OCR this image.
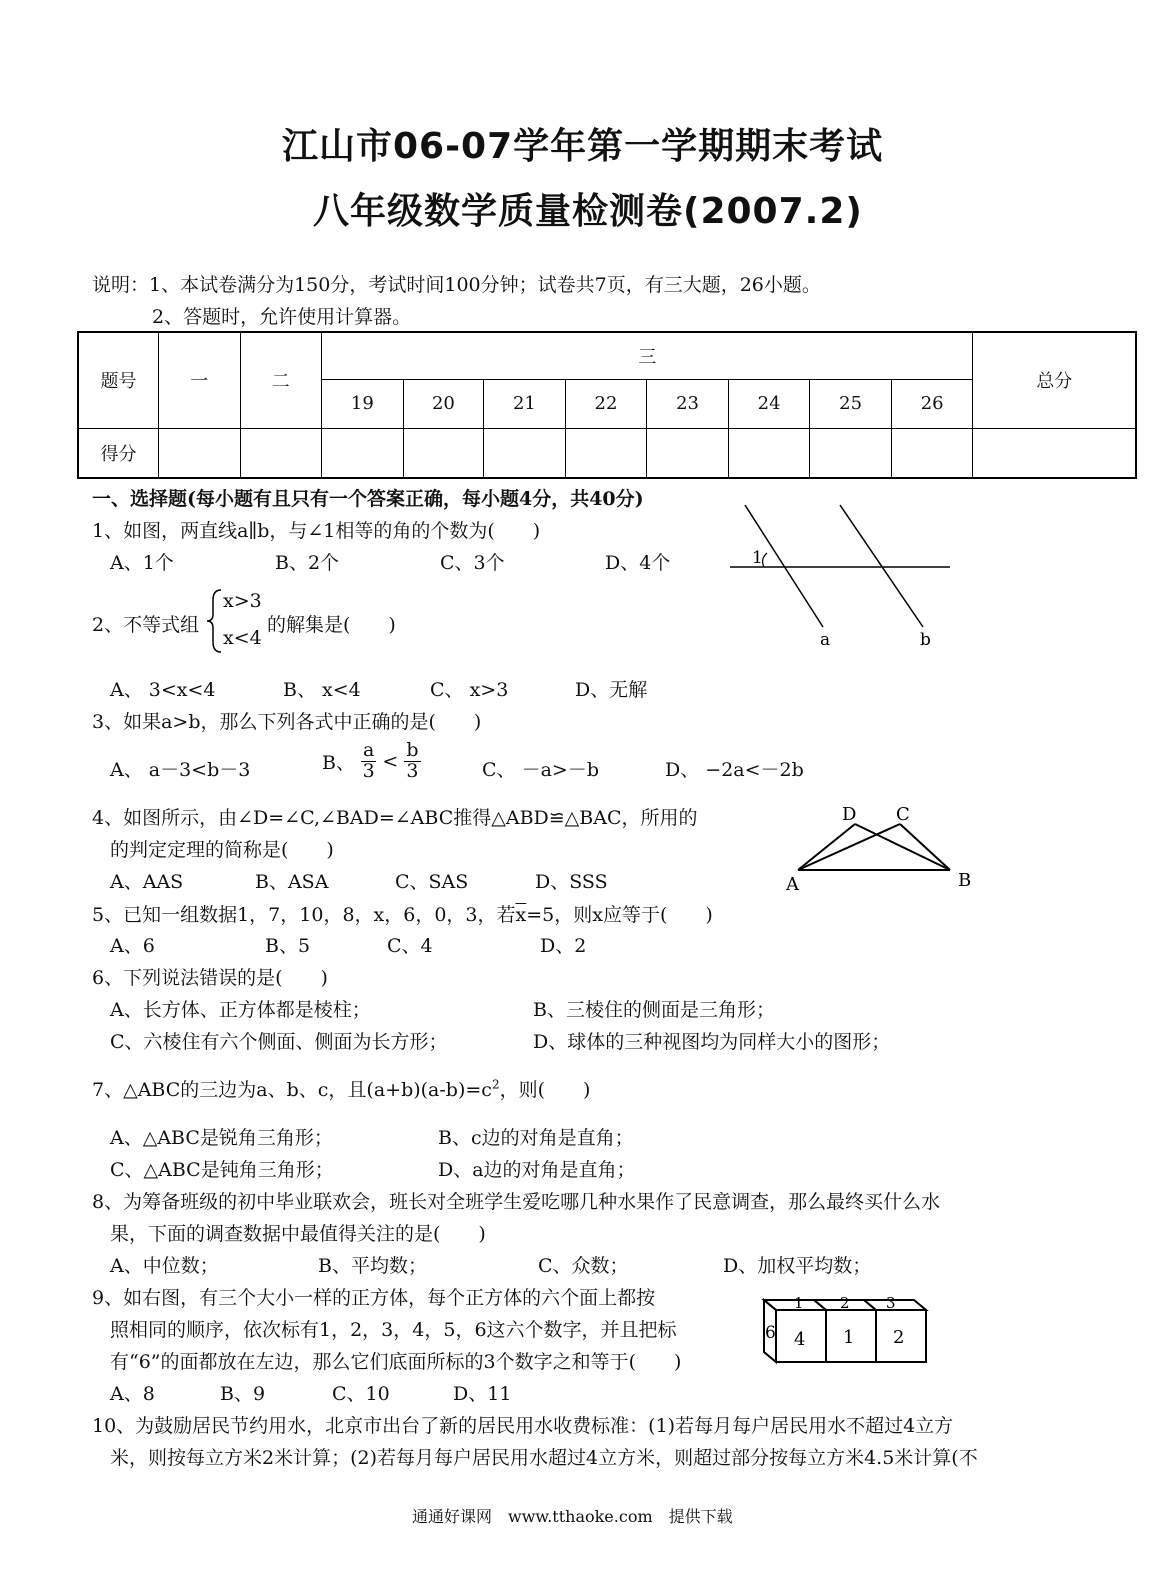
江山市06-07学年第一学期期末考试
八年级数学质量检测卷(2007.2)
说明：1、本试卷满分为150分，考试时间100分钟；试卷共7页，有三大题，26小题。
2、答题时，允许使用计算器。
题号	一	二	三								总分
			19	20	21	22	23	24	25	26	
得分											
一、选择题(每小题有且只有一个答案正确，每小题4分，共40分)
1、如图，两直线a∥b，与∠1相等的角的个数为(　　)
A、1个	B、2个	C、3个	D、4个	1
a	b
2、不等式组
x>3
x<4
的解集是(　　)
A、 3<x<4	B、 x<4	C、 x>3	D、无解
3、如果a>b，那么下列各式中正确的是(　　)
A、 a－3<b－3	B、 $\frac{a}{3} < \frac{b}{3}$	C、 －a>－b	D、 −2a<－2b
4、如图所示，由∠D=∠C,∠BAD=∠ABC推得△ABD≌△BAC，所用的
的判定定理的简称是(　　)
A、AAS	B、ASA	C、SAS	D、SSS
D C
A	B
5、已知一组数据1，7，10，8，x，6，0，3，若$\overline{x}=5$，则x应等于(　　)
A、6	B、5	C、4	D、2
6、下列说法错误的是(　　)
A、长方体、正方体都是棱柱；	B、三棱住的侧面是三角形；
C、六棱住有六个侧面、侧面为长方形；	D、球体的三种视图均为同样大小的图形；
7、△ABC的三边为a、b、c，且$(a+b)(a-b)=c^2$，则(　　)
A、△ABC是锐角三角形；	B、c边的对角是直角；
C、△ABC是钝角三角形；	D、a边的对角是直角；
8、为筹备班级的初中毕业联欢会，班长对全班学生爱吃哪几种水果作了民意调查，那么最终买什么水
果，下面的调查数据中最值得关注的是(　　)
A、中位数；	B、平均数；	C、众数；	D、加权平均数；
9、如右图，有三个大小一样的正方体，每个正方体的六个面上都按
照相同的顺序，依次标有1，2，3，4，5，6这六个数字，并且把标
有“6”的面都放在左边，那么它们底面所标的3个数字之和等于(　　)
A、8	B、9	C、10	D、11
1 2 3
6 4 1 2
10、为鼓励居民节约用水，北京市出台了新的居民用水收费标准：(1)若每月每户居民用水不超过4立方
米，则按每立方米2米计算；(2)若每月每户居民用水超过4立方米，则超过部分按每立方米4.5米计算(不
通通好课网　www.tthaoke.com　提供下载
